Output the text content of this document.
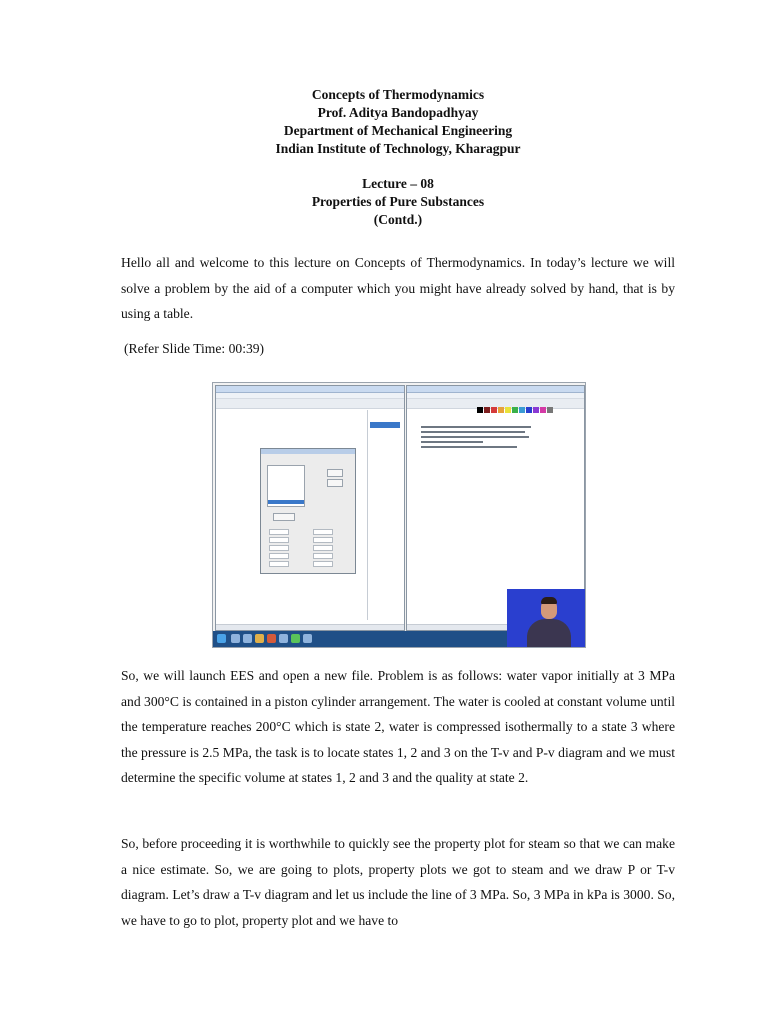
Concepts of Thermodynamics
Prof. Aditya Bandopadhyay
Department of Mechanical Engineering
Indian Institute of Technology, Kharagpur
Lecture – 08
Properties of Pure Substances
(Contd.)

Hello all and welcome to this lecture on Concepts of Thermodynamics. In today’s lecture we will solve a problem by the aid of a computer which you might have already solved by hand, that is by using a table.

(Refer Slide Time: 00:39)

So, we will launch EES and open a new file. Problem is as follows: water vapor initially at 3 MPa and 300°C is contained in a piston cylinder arrangement. The water is cooled at constant volume until the temperature reaches 200°C which is state 2, water is compressed isothermally to a state 3 where the pressure is 2.5 MPa, the task is to locate states 1, 2 and 3 on the T-v and P-v diagram and we must determine the specific volume at states 1, 2 and 3 and the quality at state 2.

So, before proceeding it is worthwhile to quickly see the property plot for steam so that we can make a nice estimate. So, we are going to plots, property plots we got to steam and we draw P or T-v diagram. Let’s draw a T-v diagram and let us include the line of 3 MPa. So, 3 MPa in kPa is 3000. So, we have to go to plot, property plot and we have to
